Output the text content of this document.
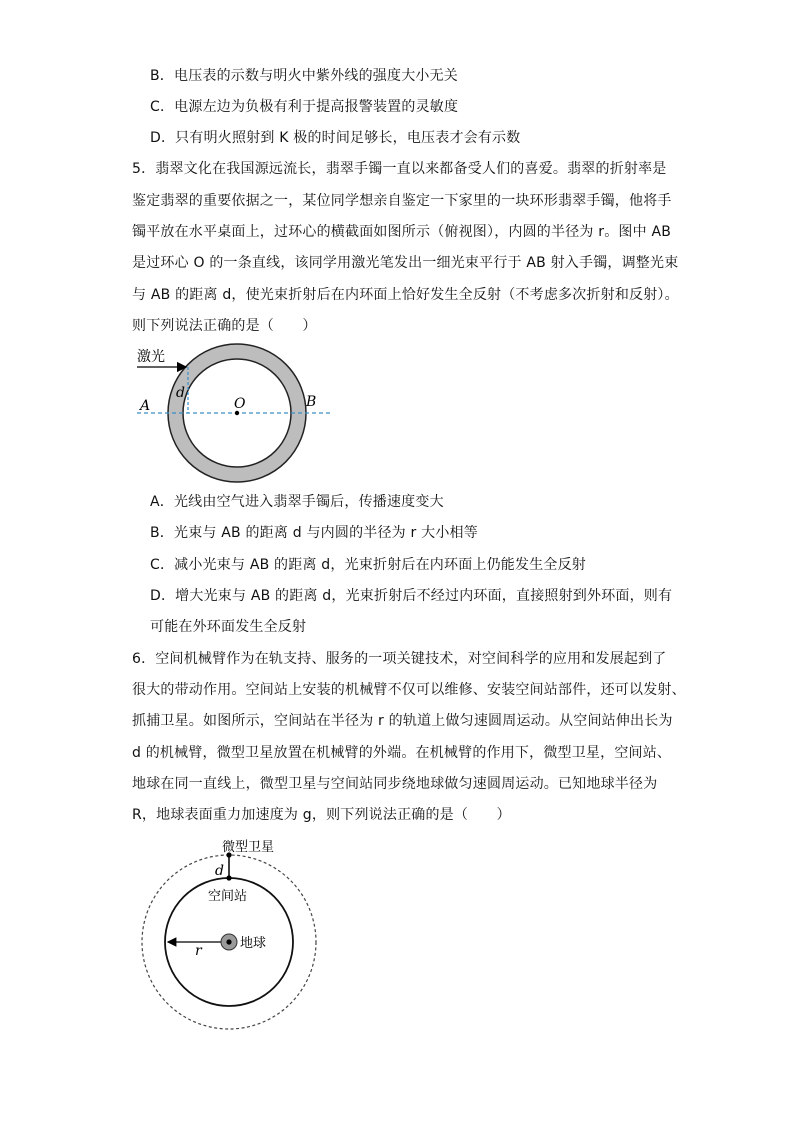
B．电压表的示数与明火中紫外线的强度大小无关
C．电源左边为负极有利于提高报警装置的灵敏度
D．只有明火照射到 K 极的时间足够长，电压表才会有示数
5．翡翠文化在我国源远流长，翡翠手镯一直以来都备受人们的喜爱。翡翠的折射率是
鉴定翡翠的重要依据之一，某位同学想亲自鉴定一下家里的一块环形翡翠手镯，他将手
镯平放在水平桌面上，过环心的横截面如图所示（俯视图），内圆的半径为 r。图中 AB
是过环心 O 的一条直线，该同学用激光笔发出一细光束平行于 AB 射入手镯，调整光束
与 AB 的距离 d，使光束折射后在内环面上恰好发生全反射（不考虑多次折射和反射）。
则下列说法正确的是（　　）
激光
d
A	O	B
A．光线由空气进入翡翠手镯后，传播速度变大
B．光束与 AB 的距离 d 与内圆的半径为 r 大小相等
C．减小光束与 AB 的距离 d，光束折射后在内环面上仍能发生全反射
D．增大光束与 AB 的距离 d，光束折射后不经过内环面，直接照射到外环面，则有
可能在外环面发生全反射
6．空间机械臂作为在轨支持、服务的一项关键技术，对空间科学的应用和发展起到了
很大的带动作用。空间站上安装的机械臂不仅可以维修、安装空间站部件，还可以发射、
抓捕卫星。如图所示，空间站在半径为 r 的轨道上做匀速圆周运动。从空间站伸出长为
d 的机械臂，微型卫星放置在机械臂的外端。在机械臂的作用下，微型卫星，空间站、
地球在同一直线上，微型卫星与空间站同步绕地球做匀速圆周运动。已知地球半径为
R，地球表面重力加速度为 g，则下列说法正确的是（　　）
微型卫星
d
空间站
r	地球
